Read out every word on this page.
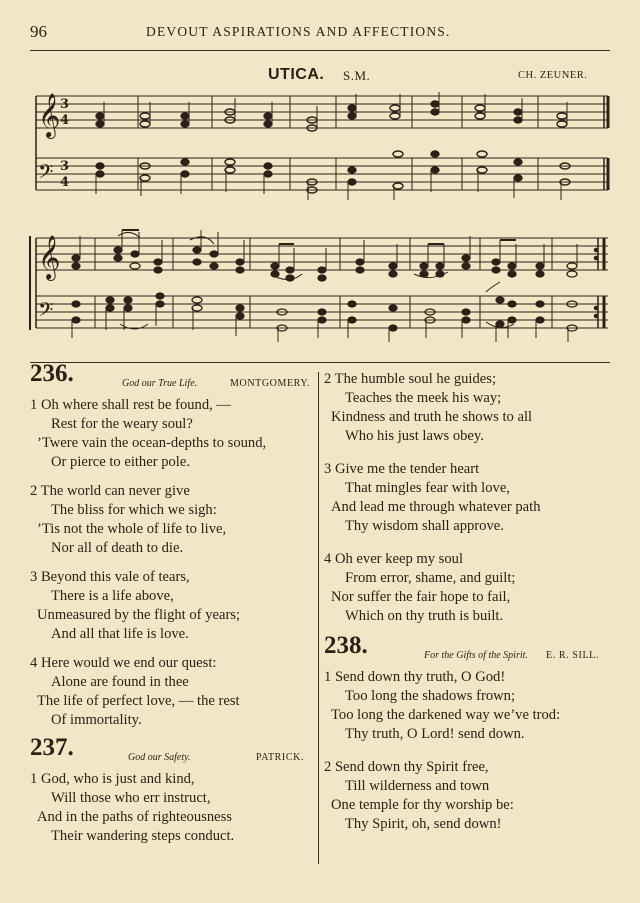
96	DEVOUT ASPIRATIONS AND AFFECTIONS.
UTICA. S.M.	CH. ZEUNER.
𝄞
𝄢
3
4
3
4
𝄞
𝄢
236.	God our True Life.	MONTGOMERY.
1 Oh where shall rest be found, —
Rest for the weary soul?
’Twere vain the ocean-depths to sound,
Or pierce to either pole.
2 The world can never give
The bliss for which we sigh:
’Tis not the whole of life to live,
Nor all of death to die.
3 Beyond this vale of tears,
There is a life above,
Unmeasured by the flight of years;
And all that life is love.
4 Here would we end our quest:
Alone are found in thee
The life of perfect love, — the rest
Of immortality.
237.	God our Safety.	PATRICK.
1 God, who is just and kind,
Will those who err instruct,
And in the paths of righteousness
Their wandering steps conduct.
2 The humble soul he guides;
Teaches the meek his way;
Kindness and truth he shows to all
Who his just laws obey.
3 Give me the tender heart
That mingles fear with love,
And lead me through whatever path
Thy wisdom shall approve.
4 Oh ever keep my soul
From error, shame, and guilt;
Nor suffer the fair hope to fail,
Which on thy truth is built.
238.	For the Gifts of the Spirit. E. R. SILL.
1 Send down thy truth, O God!
Too long the shadows frown;
Too long the darkened way we’ve trod:
Thy truth, O Lord! send down.
2 Send down thy Spirit free,
Till wilderness and town
One temple for thy worship be:
Thy Spirit, oh, send down!
